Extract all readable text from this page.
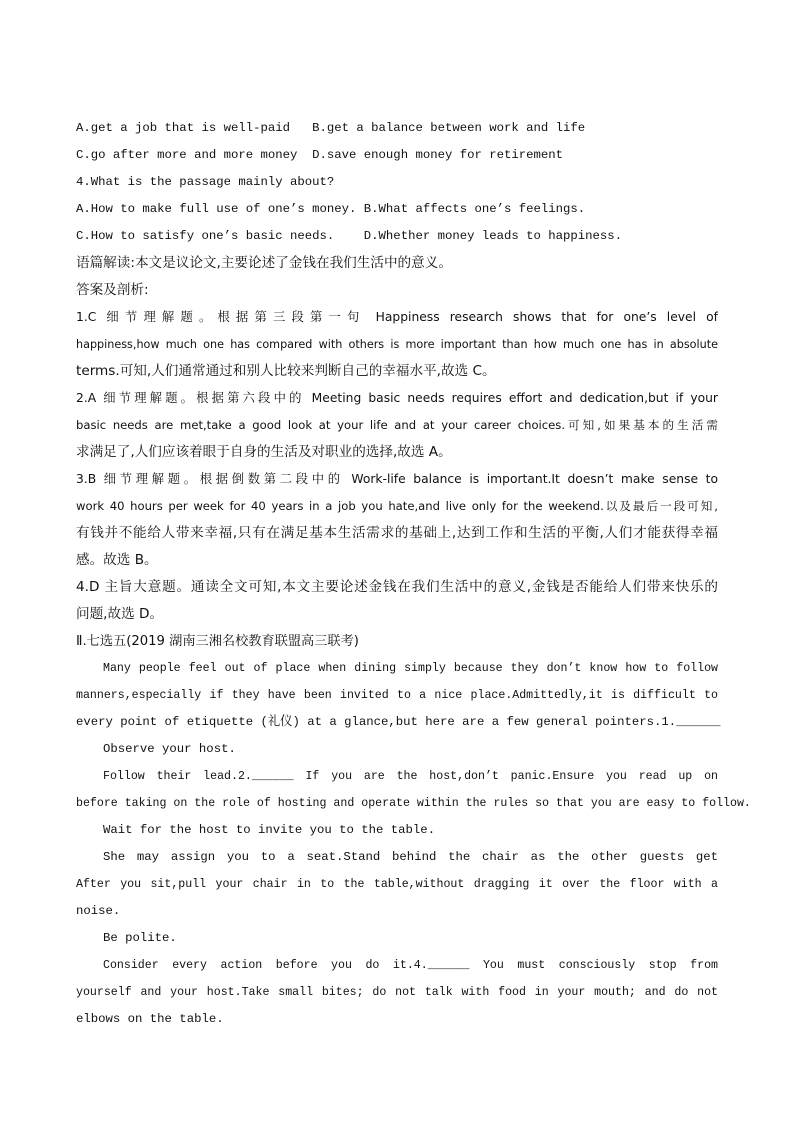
A.get a job that is well-paid   B.get a balance between work and life
C.go after more and more money  D.save enough money for retirement
4.What is the passage mainly about?
A.How to make full use of one’s money. B.What affects one’s feelings.
C.How to satisfy one’s basic needs.    D.Whether money leads to happiness.
语篇解读:本文是议论文,主要论述了金钱在我们生活中的意义。
答案及剖析:
1.C 细节理解题。根据第三段第一句 Happiness research shows that for one’s level of
happiness,how much one has compared with others is more important than how much one has in absolute
terms.可知,人们通常通过和别人比较来判断自己的幸福水平,故选 C。
2.A 细节理解题。根据第六段中的 Meeting basic needs requires effort and dedication,but if your
basic needs are met,take a good look at your life and at your career choices.可知,如果基本的生活需
求满足了,人们应该着眼于自身的生活及对职业的选择,故选 A。
3.B 细节理解题。根据倒数第二段中的 Work-life balance is important.It doesn’t make sense to
work 40 hours per week for 40 years in a job you hate,and live only for the weekend.以及最后一段可知,
有钱并不能给人带来幸福,只有在满足基本生活需求的基础上,达到工作和生活的平衡,人们才能获得幸福
感。故选 B。
4.D 主旨大意题。通读全文可知,本文主要论述金钱在我们生活中的意义,金钱是否能给人们带来快乐的
问题,故选 D。
Ⅱ.七选五(2019 湖南三湘名校教育联盟高三联考)
Many people feel out of place when dining simply because they don’t know how to follow
manners,especially if they have been invited to a nice place.Admittedly,it is difficult to
every point of etiquette (礼仪) at a glance,but here are a few general pointers.1.______
Observe your host.
Follow their lead.2.______ If you are the host,don’t panic.Ensure you read up on
before taking on the role of hosting and operate within the rules so that you are easy to follow.
Wait for the host to invite you to the table.
She may assign you to a seat.Stand behind the chair as the other guests get
After you sit,pull your chair in to the table,without dragging it over the floor with a
noise.
Be polite.
Consider every action before you do it.4.______ You must consciously stop from
yourself and your host.Take small bites; do not talk with food in your mouth; and do not
elbows on the table.
